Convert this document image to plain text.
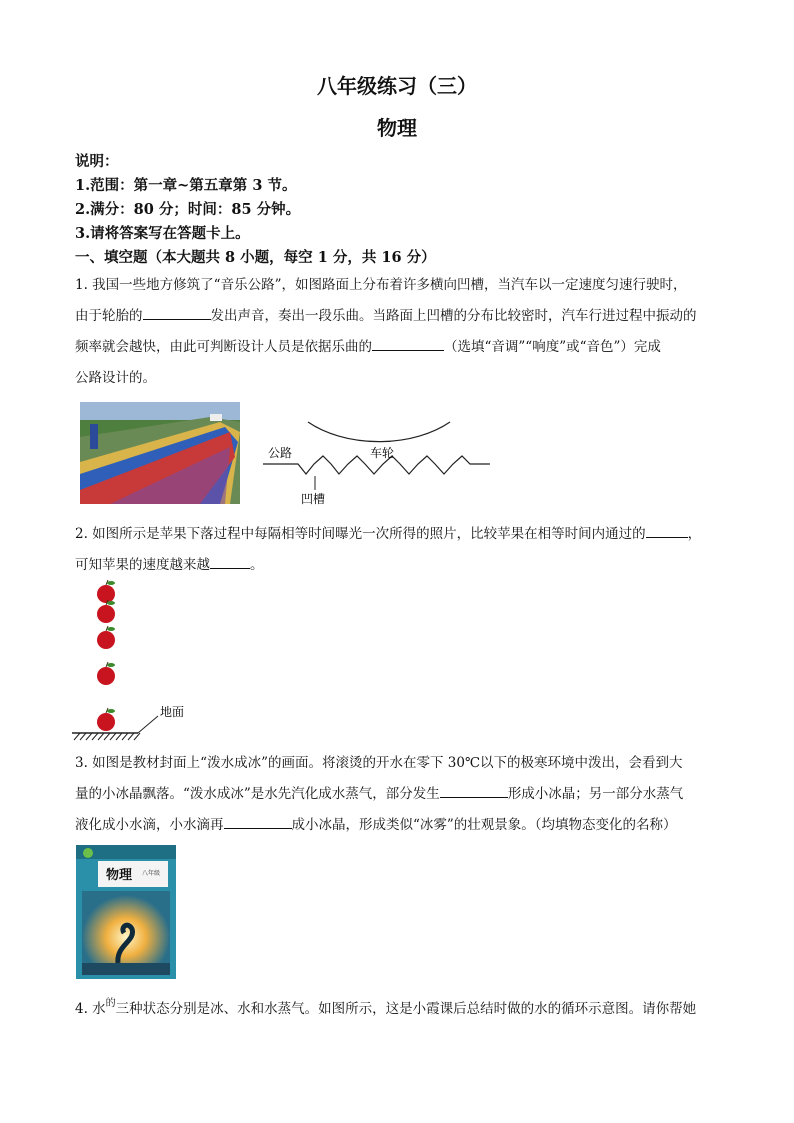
八年级练习（三）
物理
说明：
1.范围：第一章~第五章第 3 节。
2.满分：80 分；时间：85 分钟。
3.请将答案写在答题卡上。
一、填空题（本大题共 8 小题，每空 1 分，共 16 分）
1. 我国一些地方修筑了“音乐公路”，如图路面上分布着许多横向凹槽，当汽车以一定速度匀速行驶时，
由于轮胎的	发出声音，奏出一段乐曲。当路面上凹槽的分布比较密时，汽车行进过程中振动的
频率就会越快，由此可判断设计人员是依据乐曲的	（选填“音调”“响度”或“音色”）完成
公路设计的。
公路	车轮
凹槽
2. 如图所示是苹果下落过程中每隔相等时间曝光一次所得的照片，比较苹果在相等时间内通过的	，
可知苹果的速度越来越	。
地面
3. 如图是教材封面上“泼水成冰”的画面。将滚烫的开水在零下 30℃以下的极寒环境中泼出，会看到大
量的小冰晶飘落。“泼水成冰”是水先汽化成水蒸气，部分发生	形成小冰晶；另一部分水蒸气
液化成小水滴，小水滴再	成小冰晶，形成类似“冰雾”的壮观景象。（均填物态变化的名称）
物理 八年级
4. 水$^的$三种状态分别是冰、水和水蒸气。如图所示，这是小霞课后总结时做的水的循环示意图。请你帮她
